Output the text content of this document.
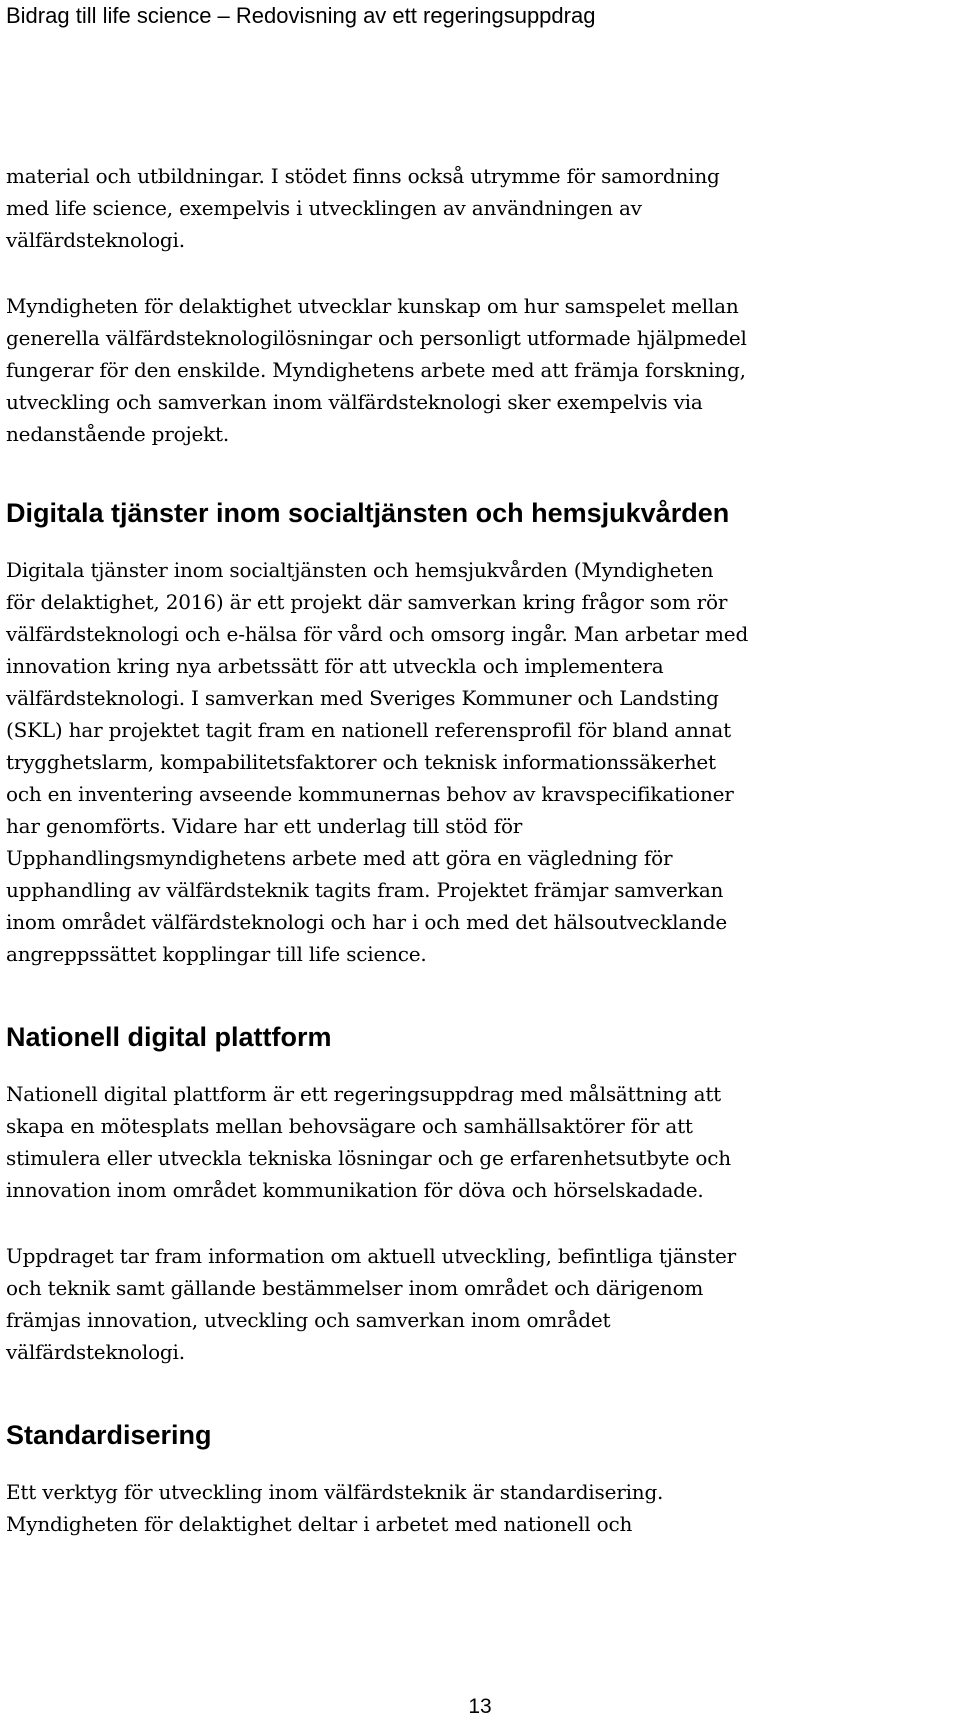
Bidrag till life science – Redovisning av ett regeringsuppdrag

material och utbildningar. I stödet finns också utrymme för samordning
med life science, exempelvis i utvecklingen av användningen av
välfärdsteknologi.

Myndigheten för delaktighet utvecklar kunskap om hur samspelet mellan
generella välfärdsteknologilösningar och personligt utformade hjälpmedel
fungerar för den enskilde. Myndighetens arbete med att främja forskning,
utveckling och samverkan inom välfärdsteknologi sker exempelvis via
nedanstående projekt.

Digitala tjänster inom socialtjänsten och hemsjukvården

Digitala tjänster inom socialtjänsten och hemsjukvården (Myndigheten
för delaktighet, 2016) är ett projekt där samverkan kring frågor som rör
välfärdsteknologi och e-hälsa för vård och omsorg ingår. Man arbetar med
innovation kring nya arbetssätt för att utveckla och implementera
välfärdsteknologi. I samverkan med Sveriges Kommuner och Landsting
(SKL) har projektet tagit fram en nationell referensprofil för bland annat
trygghetslarm, kompabilitetsfaktorer och teknisk informationssäkerhet
och en inventering avseende kommunernas behov av kravspecifikationer
har genomförts. Vidare har ett underlag till stöd för
Upphandlingsmyndighetens arbete med att göra en vägledning för
upphandling av välfärdsteknik tagits fram. Projektet främjar samverkan
inom området välfärdsteknologi och har i och med det hälsoutvecklande
angreppssättet kopplingar till life science.

Nationell digital plattform

Nationell digital plattform är ett regeringsuppdrag med målsättning att
skapa en mötesplats mellan behovsägare och samhällsaktörer för att
stimulera eller utveckla tekniska lösningar och ge erfarenhetsutbyte och
innovation inom området kommunikation för döva och hörselskadade.

Uppdraget tar fram information om aktuell utveckling, befintliga tjänster
och teknik samt gällande bestämmelser inom området och därigenom
främjas innovation, utveckling och samverkan inom området
välfärdsteknologi.

Standardisering

Ett verktyg för utveckling inom välfärdsteknik är standardisering.
Myndigheten för delaktighet deltar i arbetet med nationell och

13
